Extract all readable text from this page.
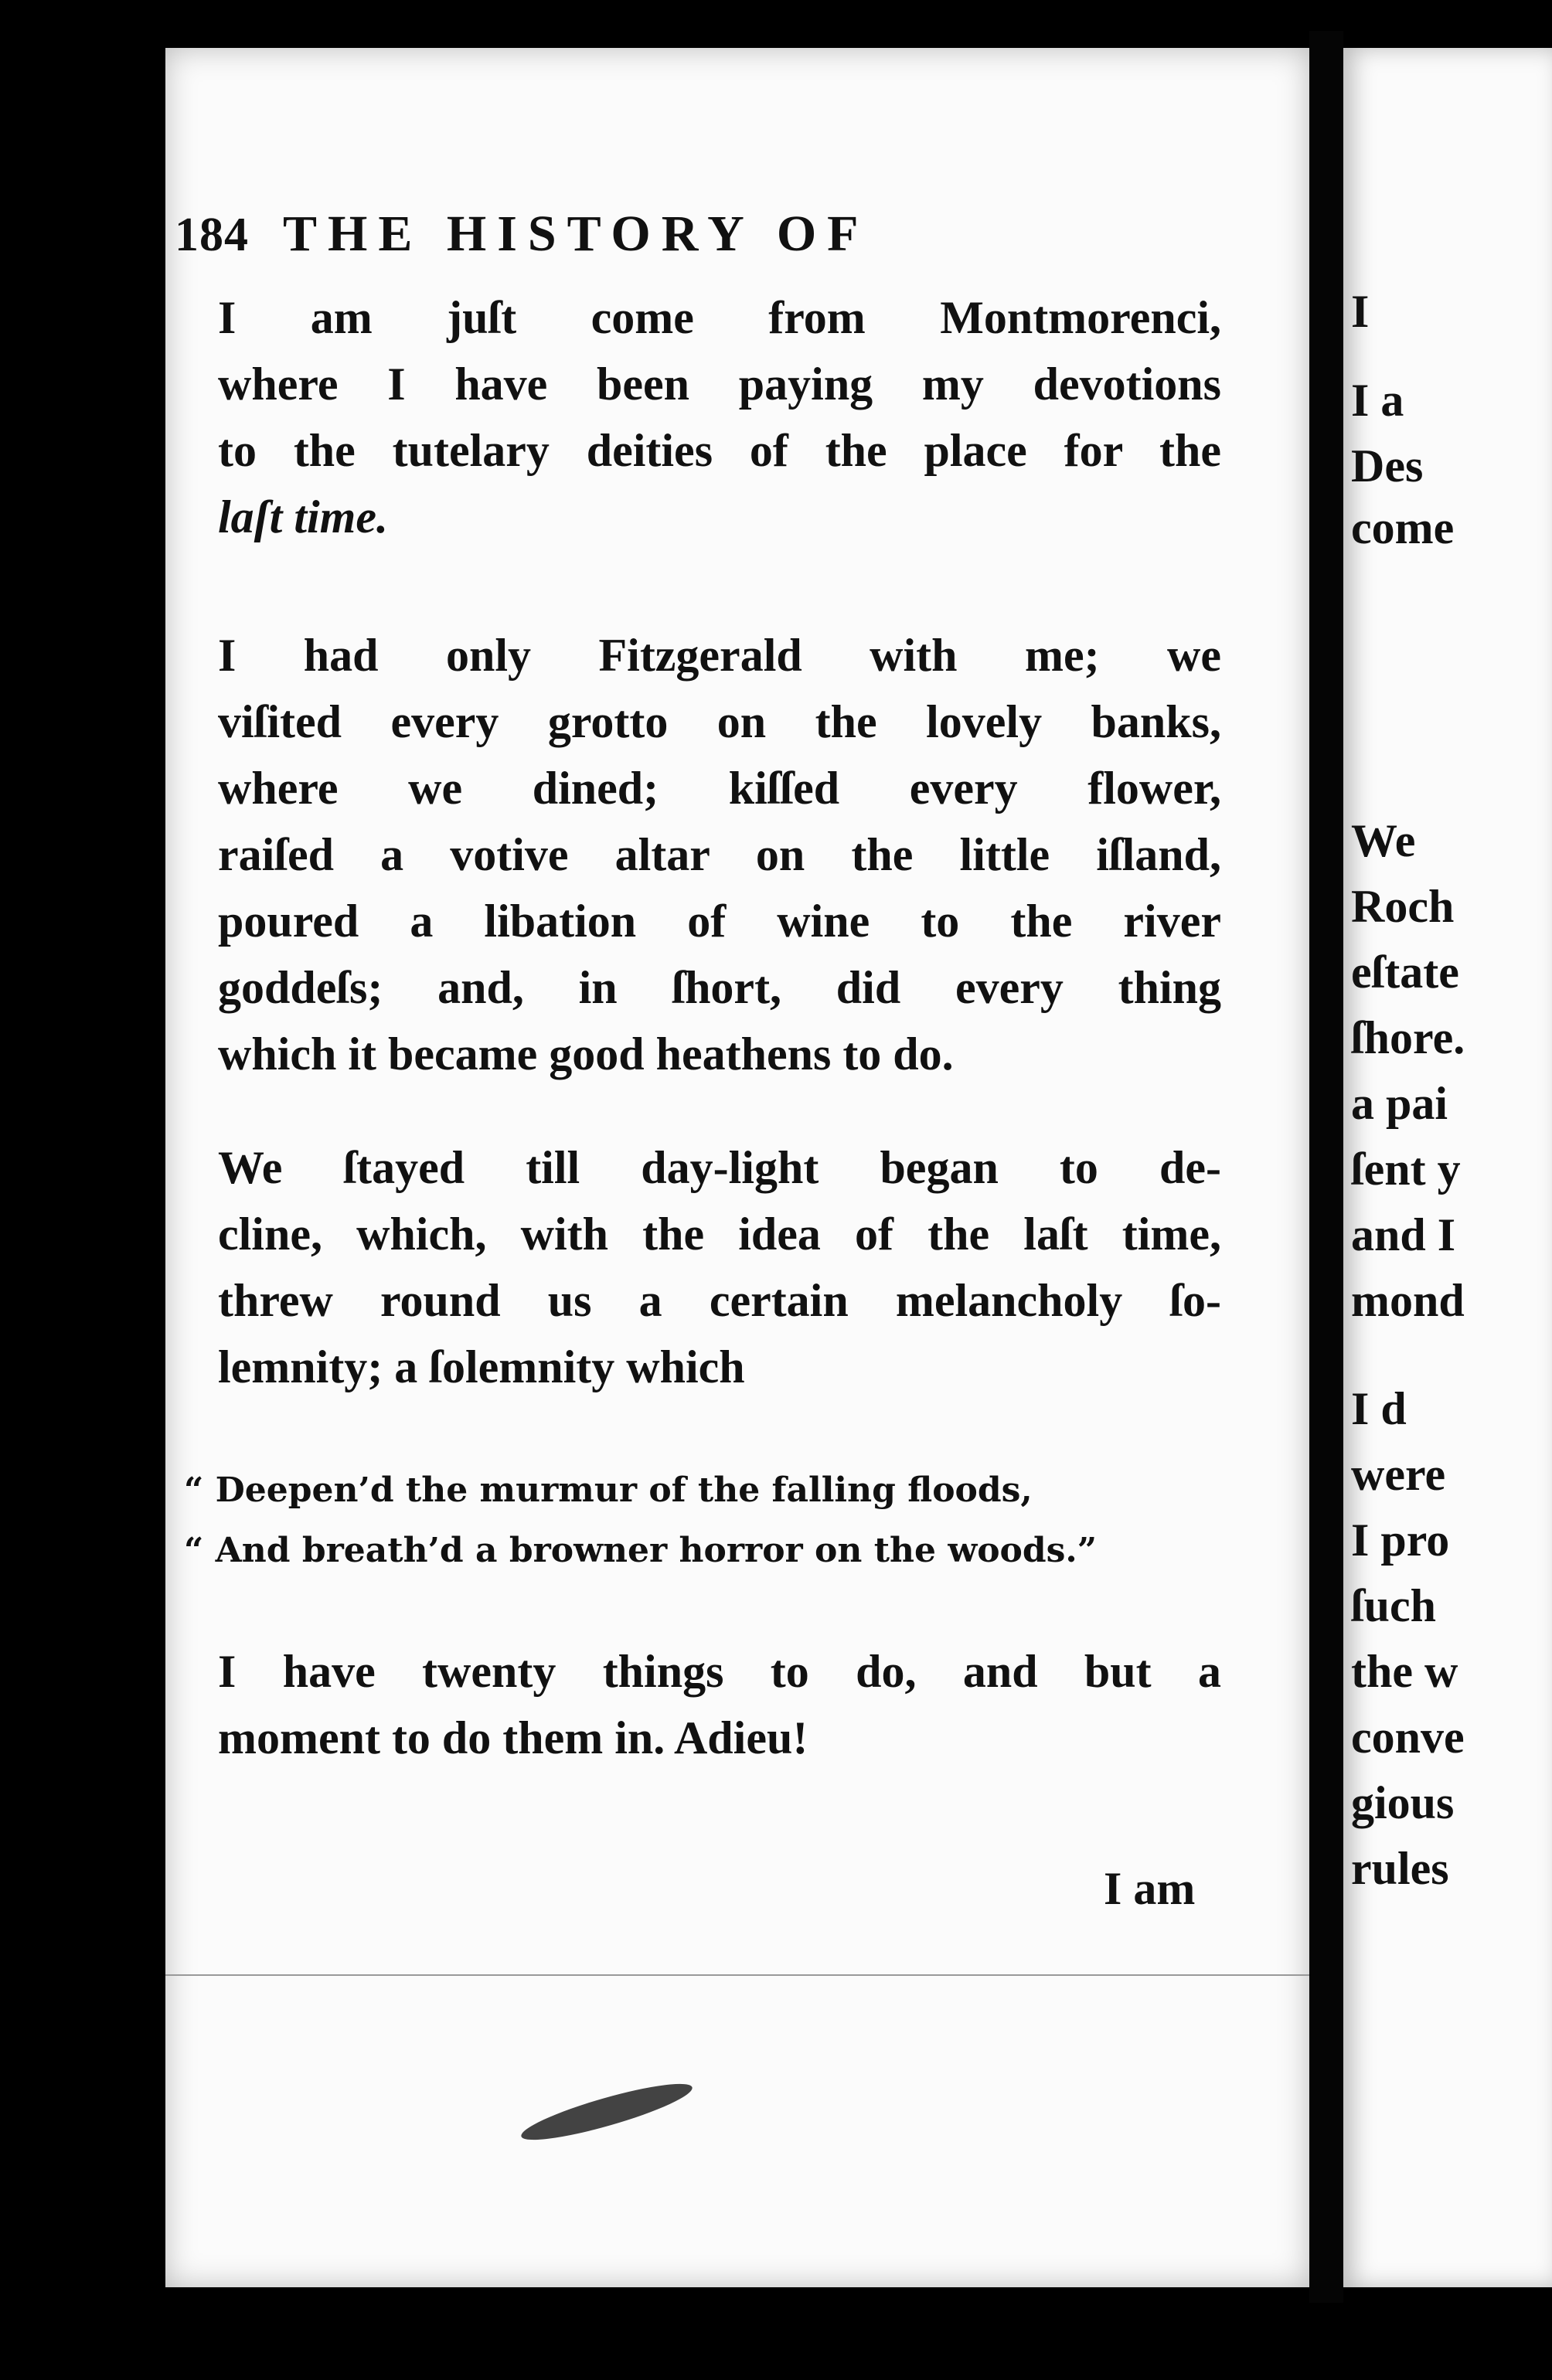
I
I a
Des
come
We
Roch
eſtate
ſhore.
a pai
ſent y
and I
mond
I d
were
I pro
ſuch
the w
conve
gious
rules
184 THE HISTORY OF
I am juſt come from Montmorenci,
where I have been paying my devotions
to the tutelary deities of the place for the
laſt time.
I had only Fitzgerald with me; we
viſited every grotto on the lovely banks,
where we dined; kiſſed every flower,
raiſed a votive altar on the little iſland,
poured a libation of wine to the river
goddeſs; and, in ſhort, did every thing
which it became good heathens to do.
We ſtayed till day-light began to de-
cline, which, with the idea of the laſt time,
threw round us a certain melancholy ſo-
lemnity; a ſolemnity which
“ Deepen’d the murmur of the falling floods,
“ And breath’d a browner horror on the woods.”
I have twenty things to do, and but a
moment to do them in. Adieu!
I am
